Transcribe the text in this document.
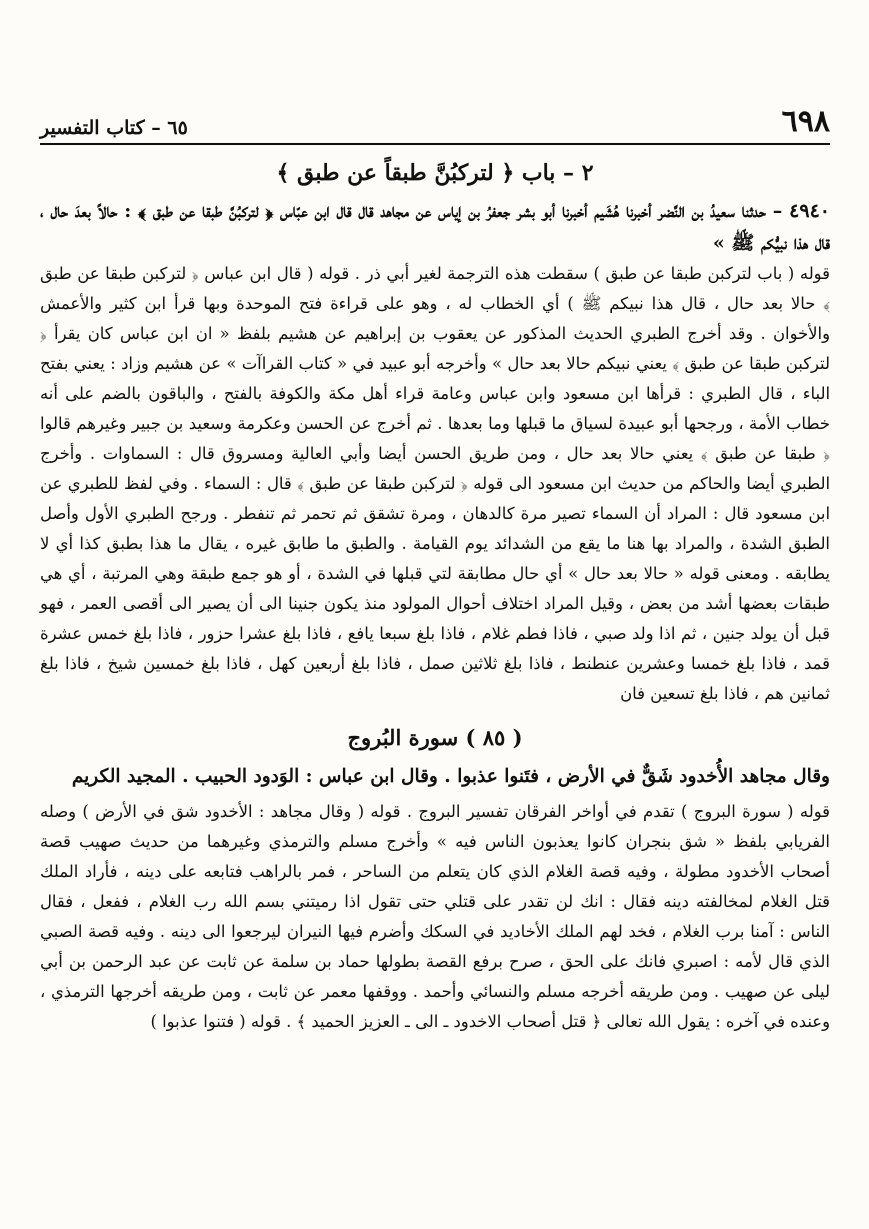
٦٩٨
٦٥ – كتاب التفسير
٢ – باب ﴿ لتركبُنَّ طبقاً عن طبق ﴾

٤٩٤٠ – حدثنا سعيدُ بن النَّضر أخبرنا هُشَيم أخبرنا أبو بشر جعفرُ بن إياس عن مجاهد قال قال ابن عبّاس ﴿ لتركبُنَّ طبقا عن طبق ﴾ : حالاً بعدَ حال ، قال هذا نبيُّكم ﷺ »

قوله ( باب لتركبن طبقا عن طبق ) سقطت هذه الترجمة لغير أبي ذر . قوله ( قال ابن عباس ﴿ لتركبن طبقا عن طبق ﴾ حالا بعد حال ، قال هذا نبيكم ﷺ ) أي الخطاب له ، وهو على قراءة فتح الموحدة وبها قرأ ابن كثير والأعمش والأخوان . وقد أخرج الطبري الحديث المذكور عن يعقوب بن إبراهيم عن هشيم بلفظ « ان ابن عباس كان يقرأ ﴿ لتركبن طبقا عن طبق ﴾ يعني نبيكم حالا بعد حال » وأخرجه أبو عبيد في « كتاب القراآت » عن هشيم وزاد : يعني بفتح الباء ، قال الطبري : قرأها ابن مسعود وابن عباس وعامة قراء أهل مكة والكوفة بالفتح ، والباقون بالضم على أنه خطاب الأمة ، ورجحها أبو عبيدة لسياق ما قبلها وما بعدها . ثم أخرج عن الحسن وعكرمة وسعيد بن جبير وغيرهم قالوا ﴿ طبقا عن طبق ﴾ يعني حالا بعد حال ، ومن طريق الحسن أيضا وأبي العالية ومسروق قال : السماوات . وأخرج الطبري أيضا والحاكم من حديث ابن مسعود الى قوله ﴿ لتركبن طبقا عن طبق ﴾ قال : السماء . وفي لفظ للطبري عن ابن مسعود قال : المراد أن السماء تصير مرة كالدهان ، ومرة تشقق ثم تحمر ثم تنفطر . ورجح الطبري الأول وأصل الطبق الشدة ، والمراد بها هنا ما يقع من الشدائد يوم القيامة . والطبق ما طابق غيره ، يقال ما هذا بطبق كذا أي لا يطابقه . ومعنى قوله « حالا بعد حال » أي حال مطابقة لتي قبلها في الشدة ، أو هو جمع طبقة وهي المرتبة ، أي هي طبقات بعضها أشد من بعض ، وقيل المراد اختلاف أحوال المولود منذ يكون جنينا الى أن يصير الى أقصى العمر ، فهو قبل أن يولد جنين ، ثم اذا ولد صبي ، فاذا فطم غلام ، فاذا بلغ سبعا يافع ، فاذا بلغ عشرا حزور ، فاذا بلغ خمس عشرة قمد ، فاذا بلغ خمسا وعشرين عنطنط ، فاذا بلغ ثلاثين صمل ، فاذا بلغ أربعين كهل ، فاذا بلغ خمسين شيخ ، فاذا بلغ ثمانين هم ، فاذا بلغ تسعين فان

( ٨٥ ) سورة البُروج

وقال مجاهد الأُخدود شَقٌّ في الأرض ، فتَنوا عذبوا . وقال ابن عباس : الوَدود الحبيب . المجيد الكريم

قوله ( سورة البروج ) تقدم في أواخر الفرقان تفسير البروج . قوله ( وقال مجاهد : الأخدود شق في الأرض ) وصله الفريابي بلفظ « شق بنجران كانوا يعذبون الناس فيه » وأخرج مسلم والترمذي وغيرهما من حديث صهيب قصة أصحاب الأخدود مطولة ، وفيه قصة الغلام الذي كان يتعلم من الساحر ، فمر بالراهب فتابعه على دينه ، فأراد الملك قتل الغلام لمخالفته دينه فقال : انك لن تقدر على قتلي حتى تقول اذا رميتني بسم الله رب الغلام ، ففعل ، فقال الناس : آمنا برب الغلام ، فخد لهم الملك الأخاديد في السكك وأضرم فيها النيران ليرجعوا الى دينه . وفيه قصة الصبي الذي قال لأمه : اصبري فانك على الحق ، صرح برفع القصة بطولها حماد بن سلمة عن ثابت عن عبد الرحمن بن أبي ليلى عن صهيب . ومن طريقه أخرجه مسلم والنسائي وأحمد . ووقفها معمر عن ثابت ، ومن طريقه أخرجها الترمذي ، وعنده في آخره : يقول الله تعالى ﴿ قتل أصحاب الاخدود ـ الى ـ العزيز الحميد ﴾ . قوله ( فتنوا عذبوا )
